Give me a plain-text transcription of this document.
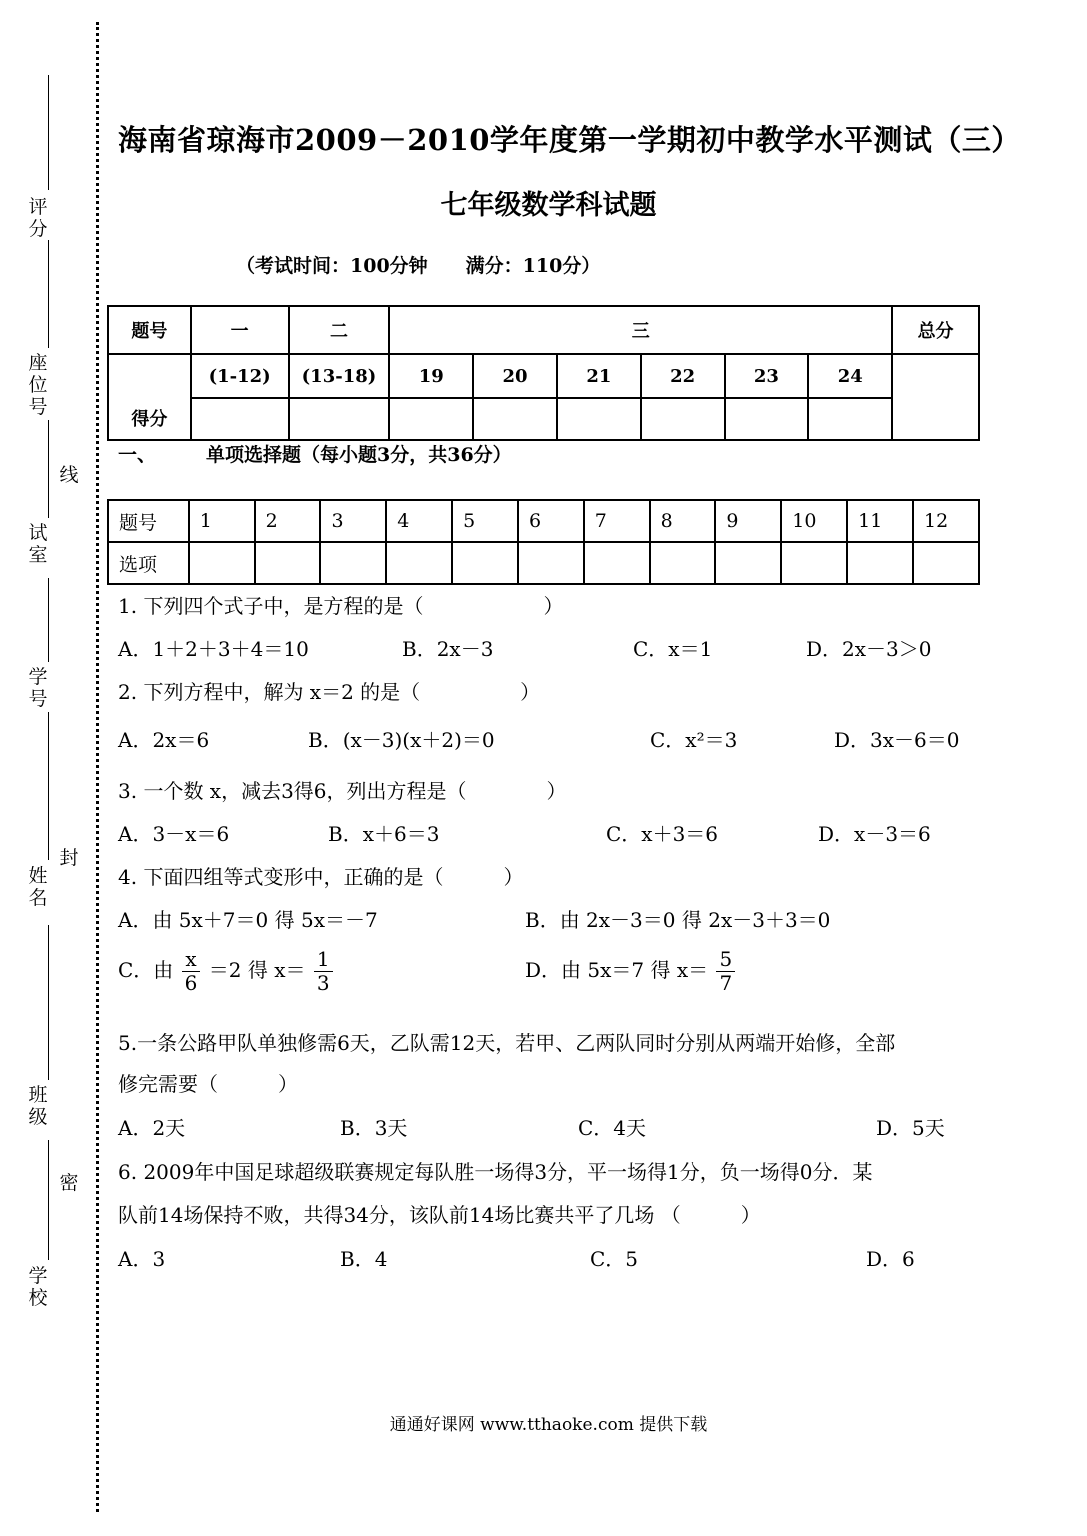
评
分
座
位
号
试
室
学
号
姓
名
班
级
学
校
线
封
密
海南省琼海市2009－2010学年度第一学期初中教学水平测试（三）
七年级数学科试题
（考试时间：100分钟　　满分：110分）
题号	一	二	三						总分
得分	(1-12)	(13-18)	19	20	21	22	23	24	

一、	单项选择题（每小题3分，共36分）
题号	1	2	3	4	5	6	7	8	9	10	11	12
选项												
1. 下列四个式子中，是方程的是（　　　　　　）
A．1＋2＋3＋4＝10	B．2x－3	C．x＝1	D．2x－3＞0
2. 下列方程中，解为 x＝2 的是（　　　　　）
A．2x＝6	B．(x－3)(x＋2)＝0	C．x²＝3	D．3x－6＝0
3. 一个数 x，减去3得6，列出方程是（　　　　）
A．3－x＝6	B．x＋6＝3	C．x＋3＝6	D．x－3＝6
4. 下面四组等式变形中，正确的是（　　　）
A．由 5x＋7＝0 得 5x＝－7	B．由 2x－3＝0 得 2x－3＋3＝0
C．由 $\frac{x}{6} =2$ 得 $x= \frac{1}{3}$	D．由 5x＝7 得 $x= \frac{5}{7}$
5.一条公路甲队单独修需6天，乙队需12天，若甲、乙两队同时分别从两端开始修，全部
修完需要（　　　）
A．2天	B．3天	C．4天	D．5天
6. 2009年中国足球超级联赛规定每队胜一场得3分，平一场得1分，负一场得0分．某
队前14场保持不败，共得34分，该队前14场比赛共平了几场 （　　　）
A．3	B．4	C．5	D．6
通通好课网 www.tthaoke.com 提供下载
